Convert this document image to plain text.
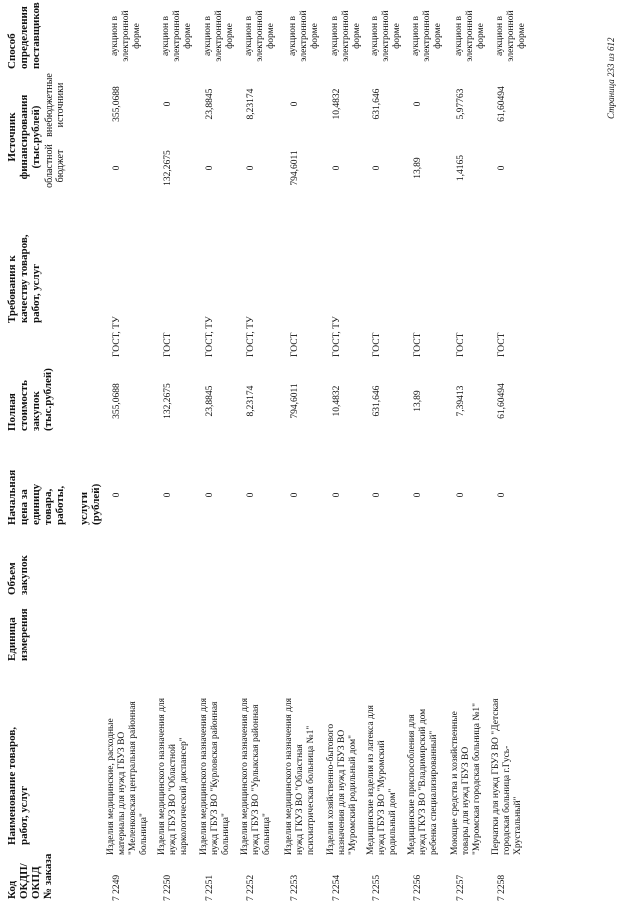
Код
ОКДП/
ОКПД
№ заказа
Наименование товаров,
работ, услуг
Единица
измерения
Объем
закупок
Начальная
цена за
единицу
товара,
работы,

услуги
(рублей)
Полная
стоимость
закупок
(тыс.рублей)
Требования к
качеству товаров,
работ, услуг
Источник
финансирования
(тыс.рублей) областной
бюджет
внебюджетные
источники
Способ
определения
поставщиков
7 2249
Изделия медицинские, расходные
материалы для нужд ГБУЗ ВО
"Меленковская центральная районная
больница"
0
355,0688
ГОСТ, ТУ
0
355,0688
аукцион в
электронной
форме
7 2250
Изделия медицинского назначения для
нужд ГБУЗ ВО "Областной
наркологический диспансер"
0
132,2675
ГОСТ
132,2675
0
аукцион в
электронной
форме
7 2251
Изделия медицинского назначения для
нужд ГБУЗ ВО "Курловская районная
больница"
0
23,8845
ГОСТ, ТУ
0
23,8845
аукцион в
электронной
форме
7 2252
Изделия медицинского назначения для
нужд ГБУЗ ВО "Урлыкская районная
больница"
0
8,23174
ГОСТ, ТУ
0
8,23174
аукцион в
электронной
форме
7 2253
Изделия медицинского назначения для
нужд ГКУЗ ВО "Областная
психиатрическая больница №1"
0
794,6011
ГОСТ
794,6011
0
аукцион в
электронной
форме
7 2254
Изделия хозяйственно-бытового
назначения для нужд ГБУЗ ВО
"Муромский родильный дом"
0
10,4832
ГОСТ, ТУ
0
10,4832
аукцион в
электронной
форме
7 2255
Медицинские изделия из латекса для
нужд ГБУЗ ВО "Муромский
родильный дом"
0
631,646
ГОСТ
0
631,646
аукцион в
электронной
форме
7 2256
Медицинские приспособления для
нужд ГКУЗ ВО "Владимирский дом
ребенка специализированный"
0
13,89
ГОСТ
13,89
0
аукцион в
электронной
форме
7 2257
Моющие средства и хозяйственные
товары для нужд ГБУЗ ВО
"Муромская городская больница №1"
0
7,39413
ГОСТ
1,4165
5,97763
аукцион в
электронной
форме
7 2258
Перчатки для нужд ГБУЗ ВО "Детская
городская больница г.Гусь-
Хрустальный"
0
61,60494
ГОСТ
0
61,60494
аукцион в
электронной
форме
Страница 233 из 612
